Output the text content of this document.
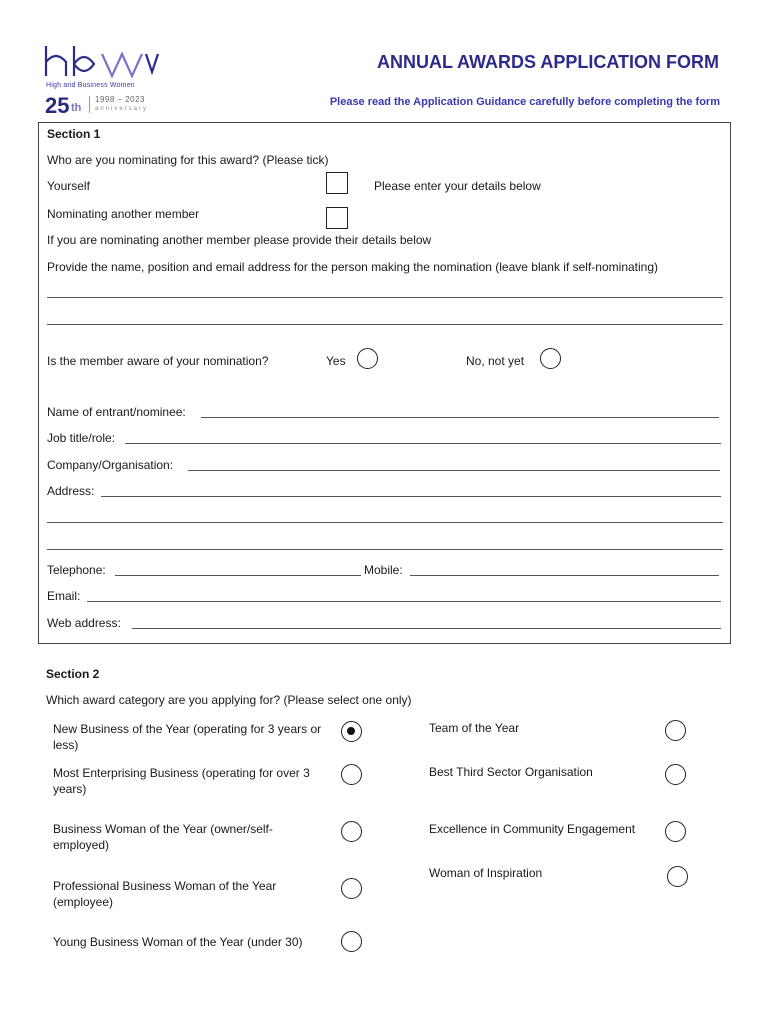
High and Business Women
25 th
1998 – 2023
anniversary
ANNUAL AWARDS APPLICATION FORM
Please read the Application Guidance carefully before completing the form
Section 1
Who are you nominating for this award? (Please tick)
Yourself	Please enter your details below
Nominating another member
If you are nominating another member please provide their details below
Provide the name, position and email address for the person making the nomination (leave blank if self-nominating)
Is the member aware of your nomination?	Yes	No, not yet
Name of entrant/nominee:
Job title/role:
Company/Organisation:
Address:
Telephone:	Mobile:
Email:
Web address:
Section 2
Which award category are you applying for? (Please select one only)
New Business of the Year (operating for 3 years or less)
Most Enterprising Business (operating for over 3 years)
Business Woman of the Year (owner/self-employed)
Professional Business Woman of the Year (employee)
Young Business Woman of the Year (under 30)
Team of the Year
Best Third Sector Organisation
Excellence in Community Engagement
Woman of Inspiration
